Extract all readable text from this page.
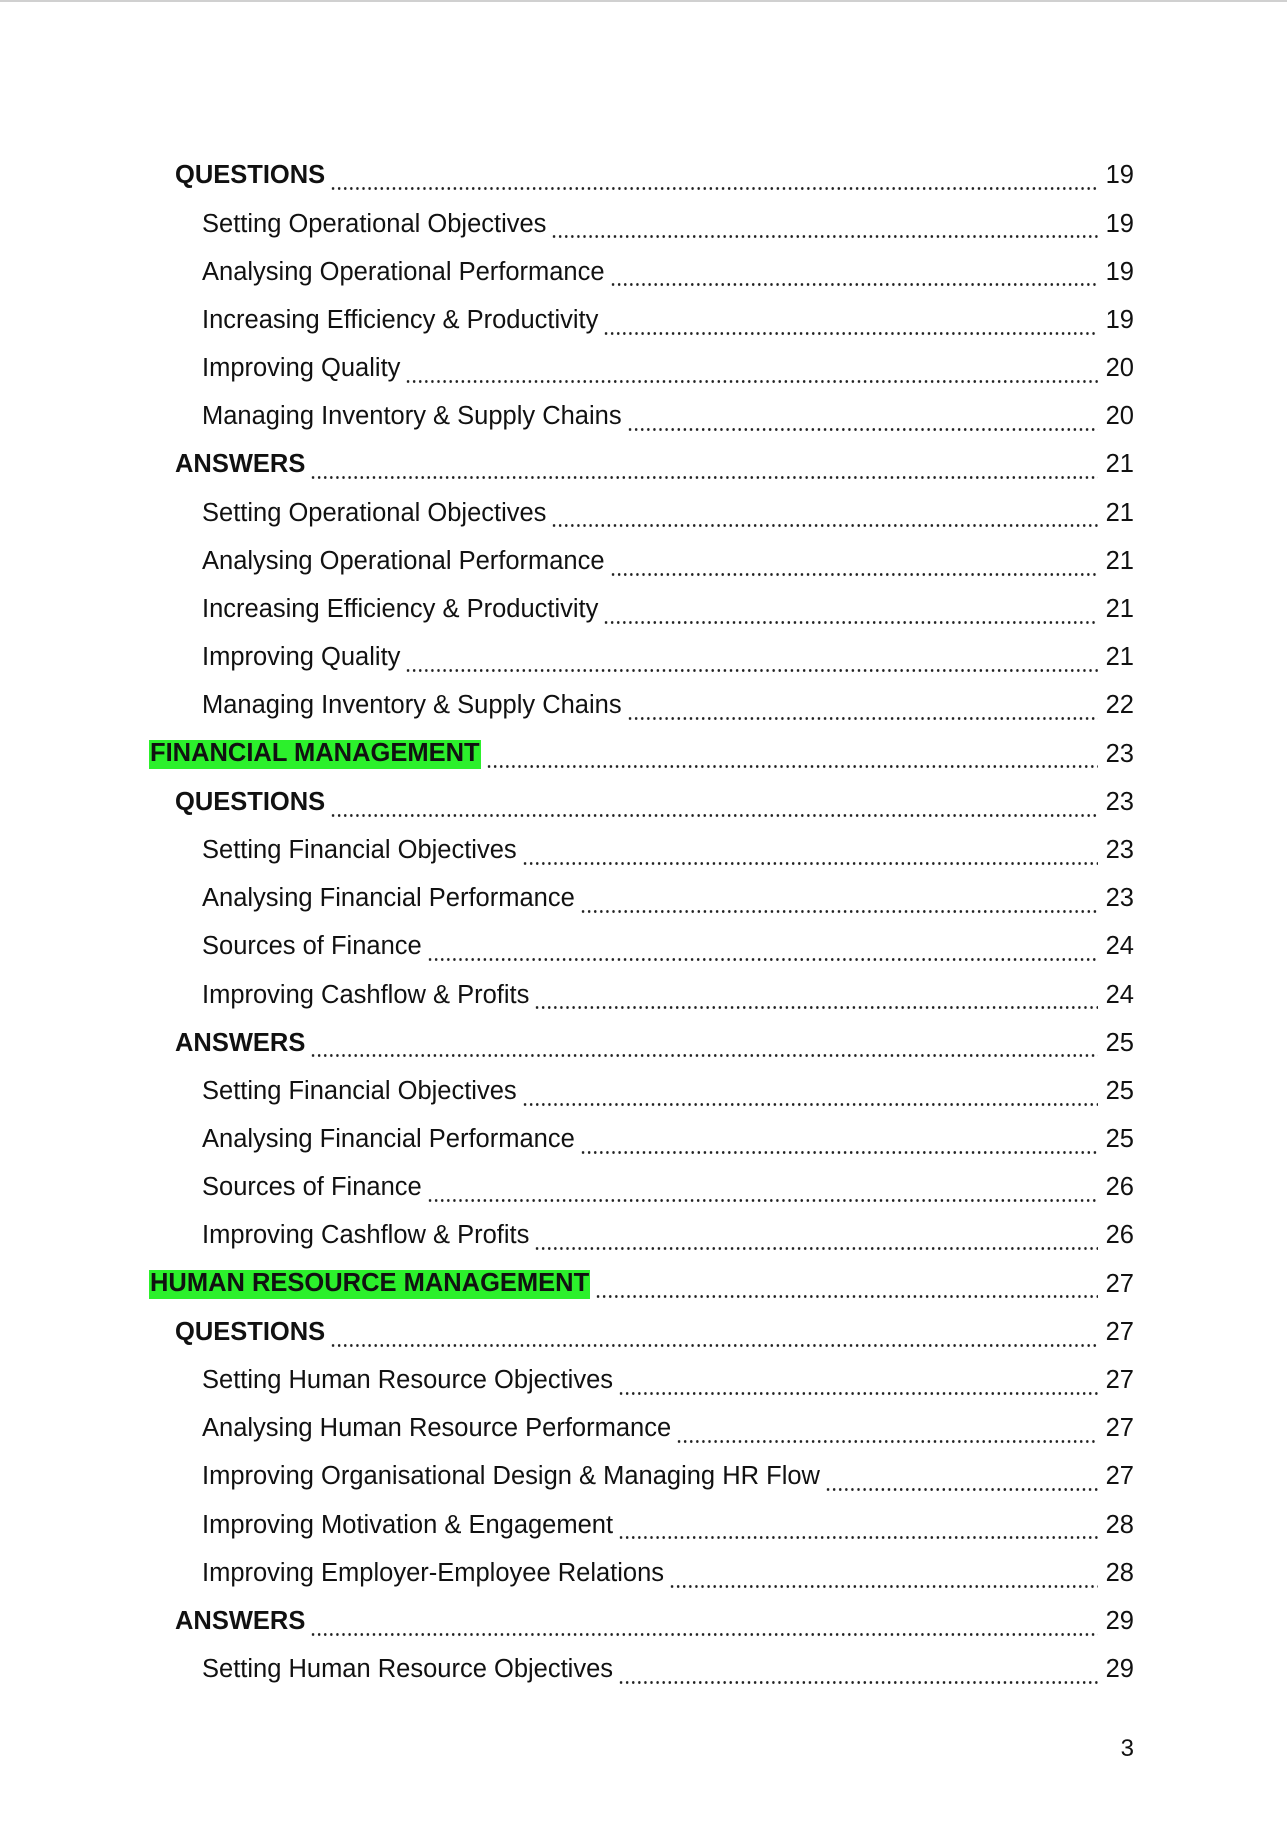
QUESTIONS	19
Setting Operational Objectives	19
Analysing Operational Performance	19
Increasing Efficiency & Productivity	19
Improving Quality	20
Managing Inventory & Supply Chains	20
ANSWERS	21
Setting Operational Objectives	21
Analysing Operational Performance	21
Increasing Efficiency & Productivity	21
Improving Quality	21
Managing Inventory & Supply Chains	22
FINANCIAL MANAGEMENT	23
QUESTIONS	23
Setting Financial Objectives	23
Analysing Financial Performance	23
Sources of Finance	24
Improving Cashflow & Profits	24
ANSWERS	25
Setting Financial Objectives	25
Analysing Financial Performance	25
Sources of Finance	26
Improving Cashflow & Profits	26
HUMAN RESOURCE MANAGEMENT	27
QUESTIONS	27
Setting Human Resource Objectives	27
Analysing Human Resource Performance	27
Improving Organisational Design & Managing HR Flow	27
Improving Motivation & Engagement	28
Improving Employer-Employee Relations	28
ANSWERS	29
Setting Human Resource Objectives	29
3
